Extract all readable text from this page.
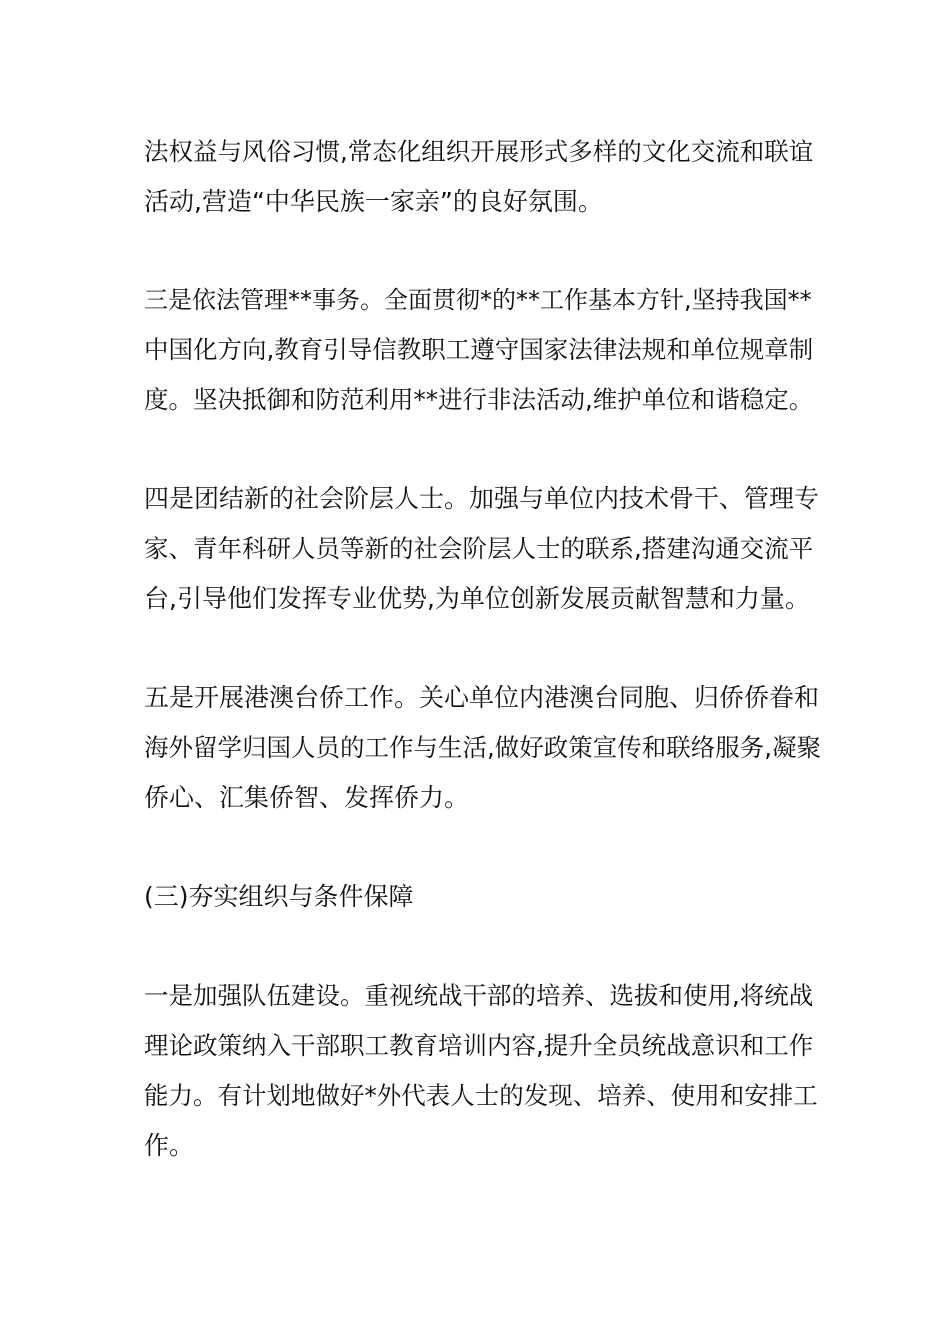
法权益与风俗习惯,常态化组织开展形式多样的文化交流和联谊
活动,营造“中华民族一家亲”的良好氛围。
三是依法管理**事务。全面贯彻*的**工作基本方针,坚持我国**
中国化方向,教育引导信教职工遵守国家法律法规和单位规章制
度。坚决抵御和防范利用**进行非法活动,维护单位和谐稳定。
四是团结新的社会阶层人士。加强与单位内技术骨干、管理专
家、青年科研人员等新的社会阶层人士的联系,搭建沟通交流平
台,引导他们发挥专业优势,为单位创新发展贡献智慧和力量。
五是开展港澳台侨工作。关心单位内港澳台同胞、归侨侨眷和
海外留学归国人员的工作与生活,做好政策宣传和联络服务,凝聚
侨心、汇集侨智、发挥侨力。
(三)夯实组织与条件保障
一是加强队伍建设。重视统战干部的培养、选拔和使用,将统战
理论政策纳入干部职工教育培训内容,提升全员统战意识和工作
能力。有计划地做好*外代表人士的发现、培养、使用和安排工
作。
